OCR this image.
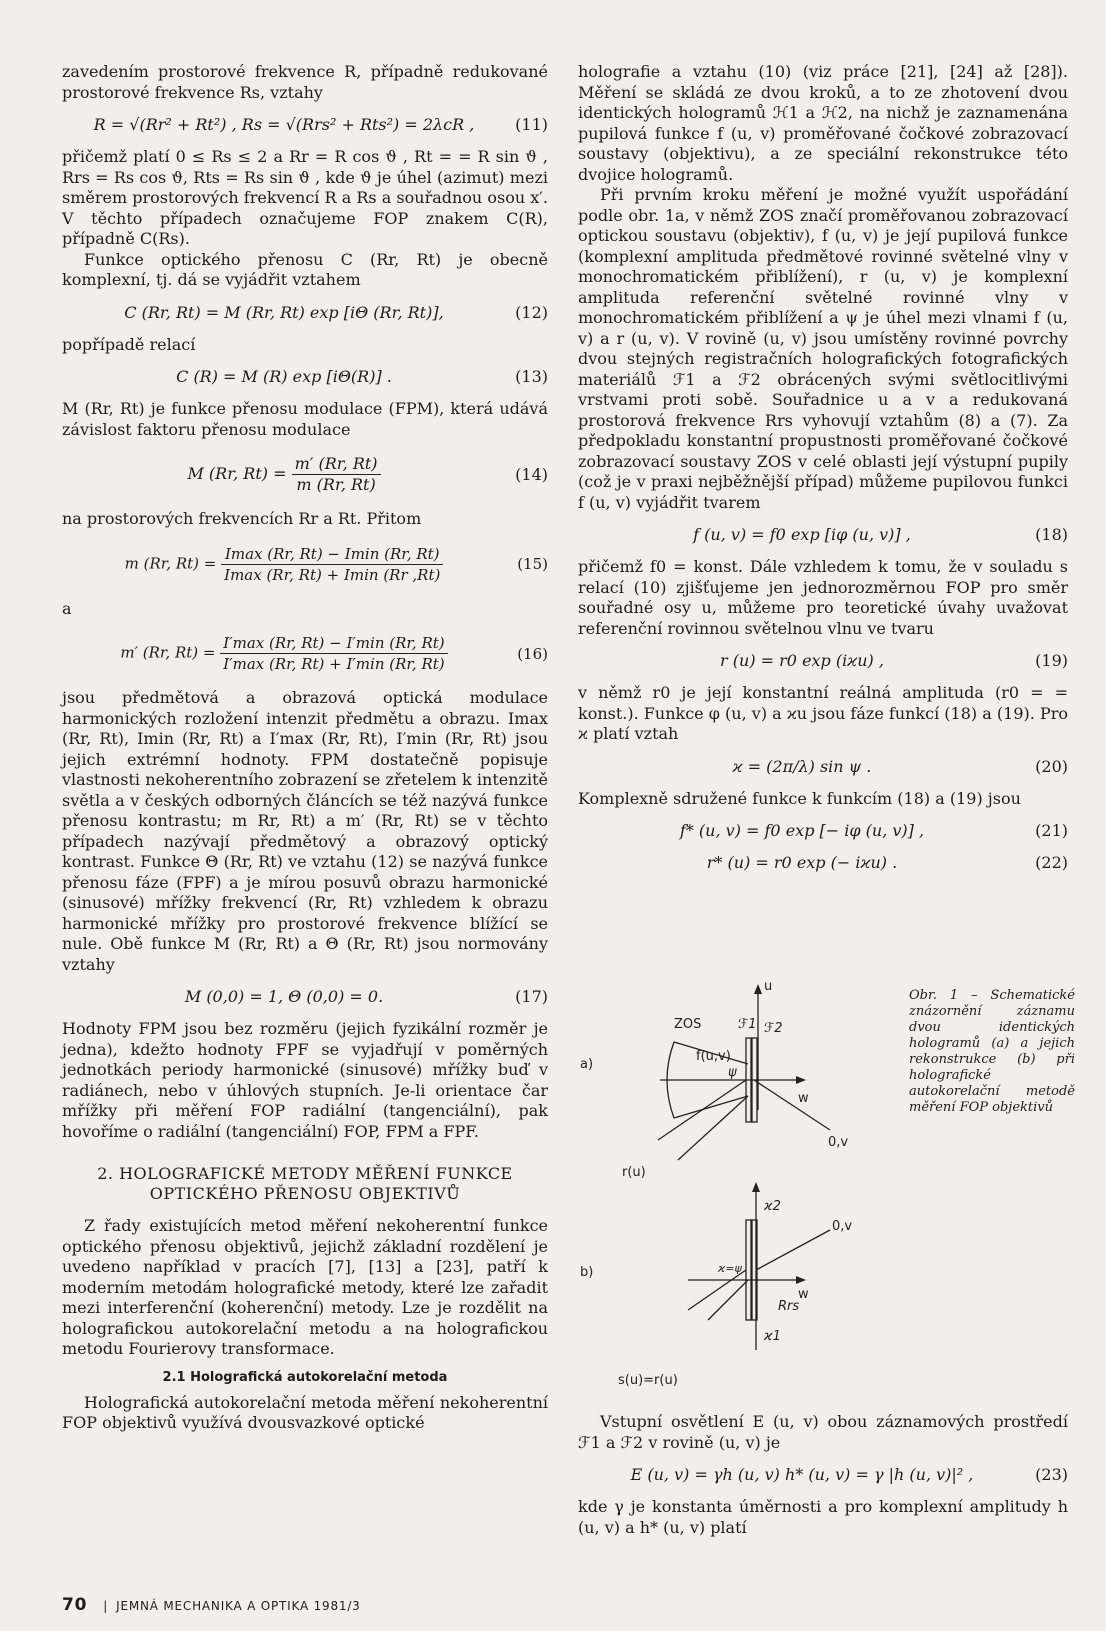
zavedením prostorové frekvence R, případně redukované prostorové frekvence Rs, vztahy

R = √(Rr² + Rt²) , Rs = √(Rrs² + Rts²) = 2λcR ,	(11)

přičemž platí 0 ≤ Rs ≤ 2 a Rr = R cos ϑ , Rt = = R sin ϑ , Rrs = Rs cos ϑ, Rts = Rs sin ϑ , kde ϑ je úhel (azimut) mezi směrem prostorových frekvencí R a Rs a souřadnou osou x′. V těchto případech označujeme FOP znakem C(R), případně C(Rs).

Funkce optického přenosu C (Rr, Rt) je obecně komplexní, tj. dá se vyjádřit vztahem

C (Rr, Rt) = M (Rr, Rt) exp [iΘ (Rr, Rt)],	(12)

popřípadě relací

C (R) = M (R) exp [iΘ(R)] .	(13)

M (Rr, Rt) je funkce přenosu modulace (FPM), která udává závislost faktoru přenosu modulace

M (Rr, $Rt) = \frac{m' (Rr, Rt)}{m (Rr, Rt)}$	(14)

na prostorových frekvencích Rr a Rt. Přitom

m (Rr, $Rt) = \frac{Imax (Rr, Rt) - Imin (Rr, Rt)}{Imax (Rr, Rt) + Imin (Rr ,Rt)}$	(15)

a

m′ (Rr, $Rt) = \frac{I'\max (Rr, Rt) - I'\min (Rr, Rt)}{I'\max (Rr, Rt) + I'\min (Rr, Rt)}$	(16)

jsou předmětová a obrazová optická modulace harmonických rozložení intenzit předmětu a obrazu. Imax (Rr, Rt), Imin (Rr, Rt) a I′max (Rr, Rt), I′min (Rr, Rt) jsou jejich extrémní hodnoty. FPM dostatečně popisuje vlastnosti nekoherentního zobrazení se zřetelem k intenzitě světla a v českých odborných článcích se též nazývá funkce přenosu kontrastu; m Rr, Rt) a m′ (Rr, Rt) se v těchto případech nazývají předmětový a obrazový optický kontrast. Funkce Θ (Rr, Rt) ve vztahu (12) se nazývá funkce přenosu fáze (FPF) a je mírou posuvů obrazu harmonické (sinusové) mřížky frekvencí (Rr, Rt) vzhledem k obrazu harmonické mřížky pro prostorové frekvence blížící se nule. Obě funkce M (Rr, Rt) a Θ (Rr, Rt) jsou normovány vztahy

M (0,0) = 1, Θ (0,0) = 0.	(17)

Hodnoty FPM jsou bez rozměru (jejich fyzikální rozměr je jedna), kdežto hodnoty FPF se vyjadřují v poměrných jednotkách periody harmonické (sinusové) mřížky buď v radiánech, nebo v úhlových stupních. Je-li orientace čar mřížky při měření FOP radiální (tangenciální), pak hovoříme o radiální (tangenciální) FOP, FPM a FPF.

2. HOLOGRAFICKÉ METODY MĚŘENÍ FUNKCE OPTICKÉHO PŘENOSU OBJEKTIVŮ

Z řady existujících metod měření nekoherentní funkce optického přenosu objektivů, jejichž základní rozdělení je uvedeno například v pracích [7], [13] a [23], patří k moderním metodám holografické metody, které lze zařadit mezi interferenční (koherenční) metody. Lze je rozdělit na holografickou autokorelační metodu a na holografickou metodu Fourierovy transformace.

2.1 Holografická autokorelační metoda

Holografická autokorelační metoda měření nekoherentní FOP objektivů využívá dvousvazkové optické

holografie a vztahu (10) (viz práce [21], [24] až [28]). Měření se skládá ze dvou kroků, a to ze zhotovení dvou identických hologramů ℋ1 a ℋ2, na nichž je zaznamenána pupilová funkce f (u, v) proměřované čočkové zobrazovací soustavy (objektivu), a ze speciální rekonstrukce této dvojice hologramů.

Při prvním kroku měření je možné využít uspořádání podle obr. 1a, v němž ZOS značí proměřovanou zobrazovací optickou soustavu (objektiv), f (u, v) je její pupilová funkce (komplexní amplituda předmětové rovinné světelné vlny v monochromatickém přiblížení), r (u, v) je komplexní amplituda referenční světelné rovinné vlny v monochromatickém přiblížení a ψ je úhel mezi vlnami f (u, v) a r (u, v). V rovině (u, v) jsou umístěny rovinné povrchy dvou stejných registračních holografických fotografických materiálů ℱ1 a ℱ2 obrácených svými světlocitlivými vrstvami proti sobě. Souřadnice u a v a redukovaná prostorová frekvence Rrs vyhovují vztahům (8) a (7). Za předpokladu konstantní propustnosti proměřované čočkové zobrazovací soustavy ZOS v celé oblasti její výstupní pupily (což je v praxi nejběžnější případ) můžeme pupilovou funkci f (u, v) vyjádřit tvarem

f (u, v) = f0 exp [iφ (u, v)] ,	(18)

přičemž f0 = konst. Dále vzhledem k tomu, že v souladu s relací (10) zjišťujeme jen jednorozměrnou FOP pro směr souřadné osy u, můžeme pro teoretické úvahy uvažovat referenční rovinnou světelnou vlnu ve tvaru

r (u) = r0 exp (iϰu) ,	(19)

v němž r0 je její konstantní reálná amplituda (r0 = = konst.). Funkce φ (u, v) a ϰu jsou fáze funkcí (18) a (19). Pro ϰ platí vztah

ϰ = (2π/λ) sin ψ .	(20)

Komplexně sdružené funkce k funkcím (18) a (19) jsou

f* (u, v) = f0 exp [− iφ (u, v)] ,	(21)
r* (u) = r0 exp (− iϰu) .	(22)
a)
ZOS	ℱ1 ℱ2
u
w
f(u,v)
ψ
0,v
r(u)
b)
w
0,v
ϰ2
ϰ1
ϰ=ψ
Rrs
s(u)=r(u)
Obr. 1 – Schematické znázornění záznamu dvou identických hologramů (a) a jejich rekonstrukce (b) při holografické autokorelační metodě měření FOP objektivů

Vstupní osvětlení E (u, v) obou záznamových prostředí ℱ1 a ℱ2 v rovině (u, v) je

E (u, v) = γh (u, v) h* (u, v) = γ |h (u, v)|² ,	(23)

kde γ je konstanta úměrnosti a pro komplexní amplitudy h (u, v) a h* (u, v) platí

70 | JEMNÁ MECHANIKA A OPTIKA 1981/3
